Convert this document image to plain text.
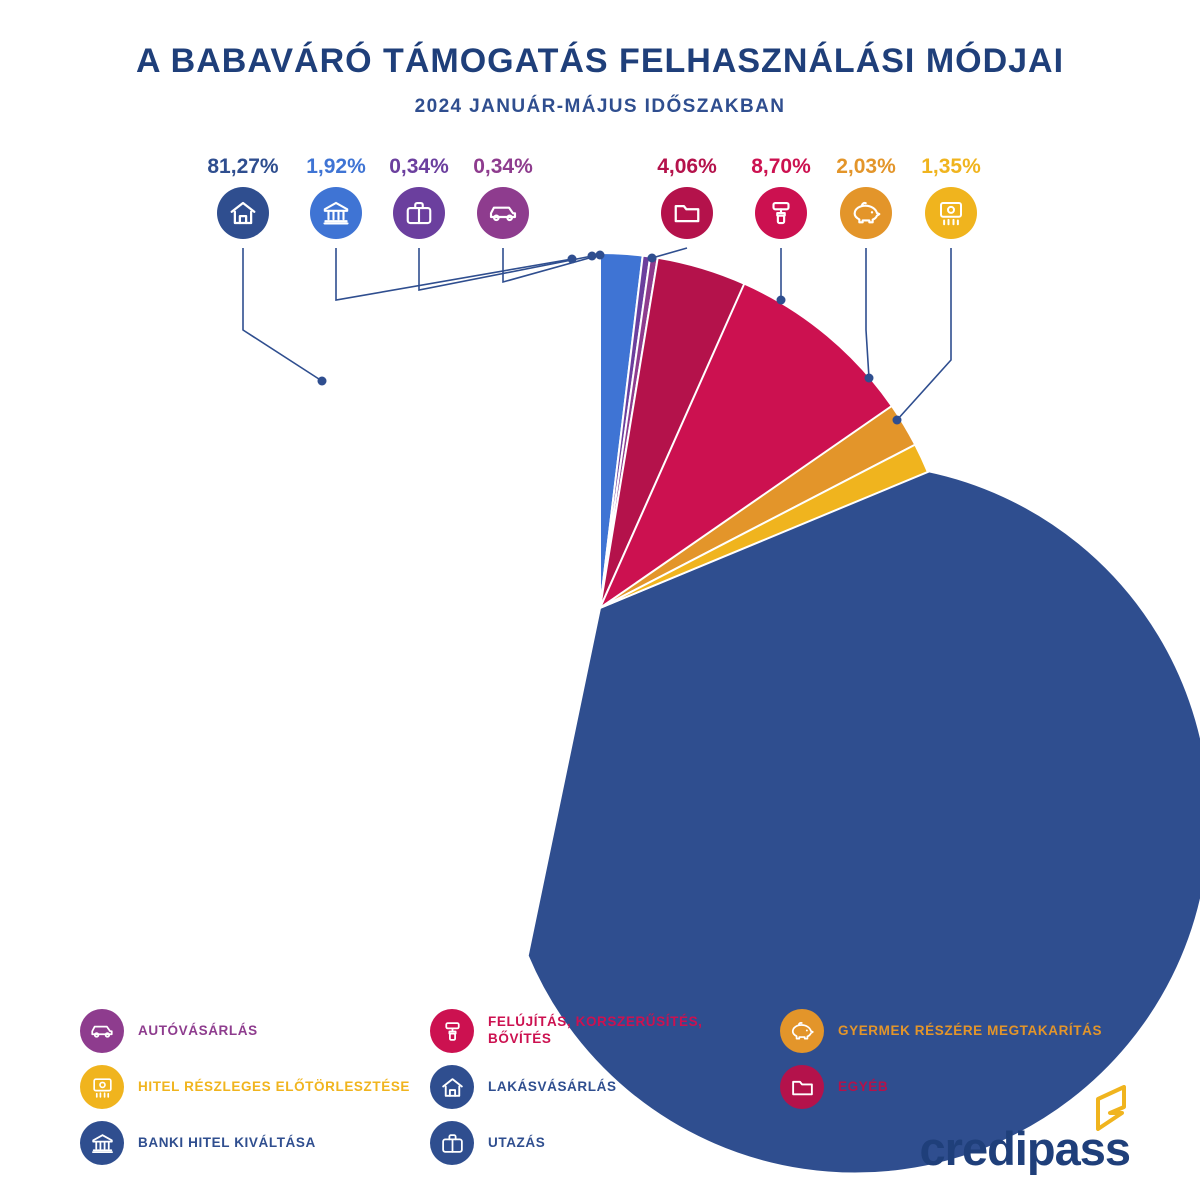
A BABAVÁRÓ TÁMOGATÁS FELHASZNÁLÁSI MÓDJAI
2024 JANUÁR-MÁJUS IDŐSZAKBAN
81,27%	1,92%	0,34%	0,34%	4,06%	8,70%	2,03%	1,35%
AUTÓVÁSÁRLÁS
FELÚJÍTÁS, KORSZERŰSÍTÉS, BŐVÍTÉS
GYERMEK RÉSZÉRE MEGTAKARÍTÁS
HITEL RÉSZLEGES ELŐTÖRLESZTÉSE	LAKÁSVÁSÁRLÁS	EGYÉB
BANKI HITEL KIVÁLTÁSA	UTAZÁS	credipass
